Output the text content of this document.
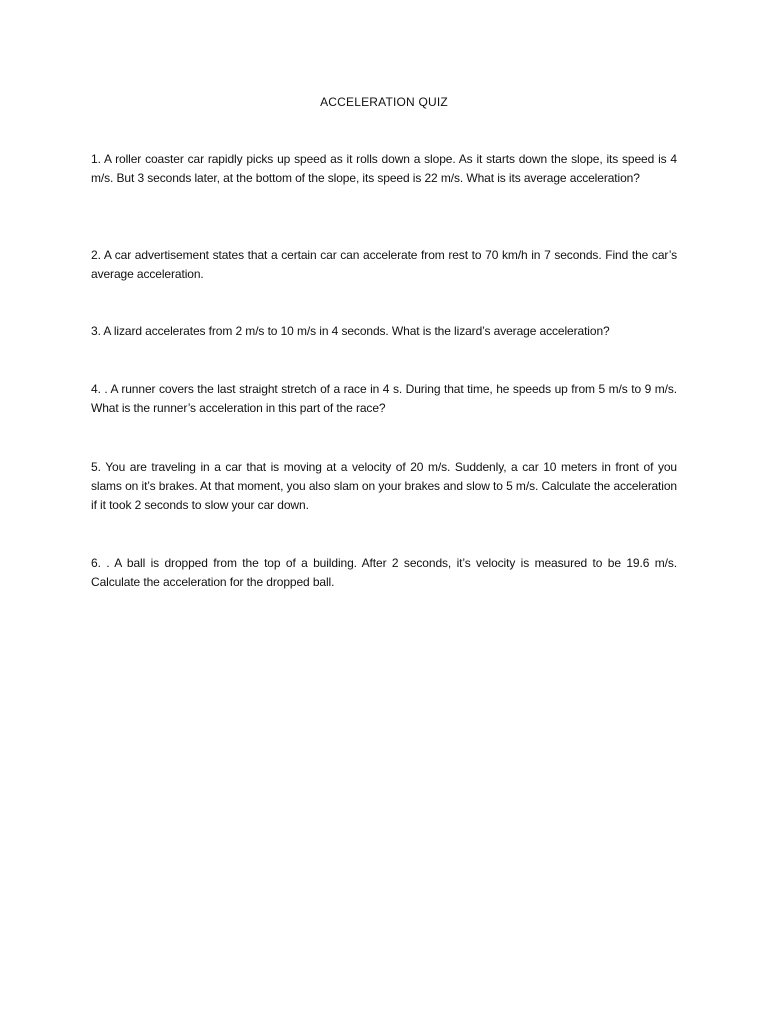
ACCELERATION QUIZ

1. A roller coaster car rapidly picks up speed as it rolls down a slope. As it starts down the slope, its speed is 4 m/s. But 3 seconds later, at the bottom of the slope, its speed is 22 m/s. What is its average acceleration?

2. A car advertisement states that a certain car can accelerate from rest to 70 km/h in 7 seconds. Find the car’s average acceleration.

3. A lizard accelerates from 2 m/s to 10 m/s in 4 seconds. What is the lizard’s average acceleration?

4. . A runner covers the last straight stretch of a race in 4 s. During that time, he speeds up from 5 m/s to 9 m/s. What is the runner’s acceleration in this part of the race?

5. You are traveling in a car that is moving at a velocity of 20 m/s. Suddenly, a car 10 meters in front of you slams on it’s brakes. At that moment, you also slam on your brakes and slow to 5 m/s. Calculate the acceleration if it took 2 seconds to slow your car down.

6. . A ball is dropped from the top of a building. After 2 seconds, it’s velocity is measured to be 19.6 m/s. Calculate the acceleration for the dropped ball.
